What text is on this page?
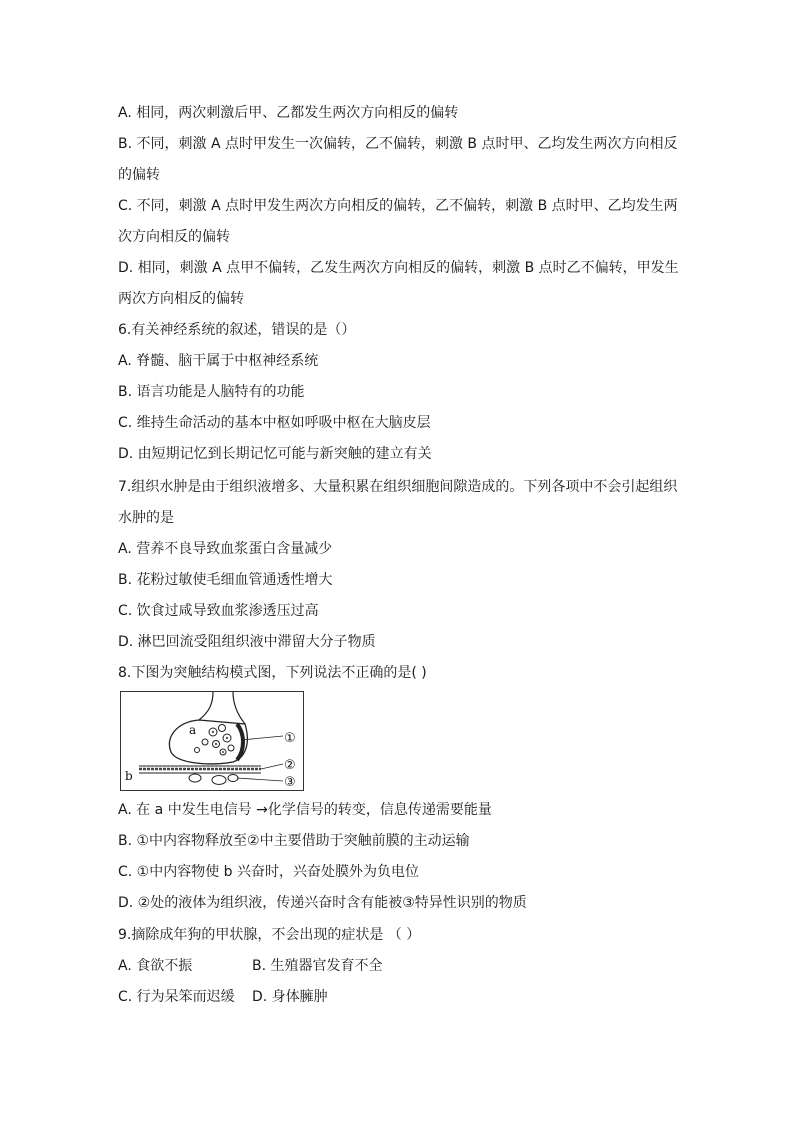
A. 相同，两次刺激后甲、乙都发生两次方向相反的偏转
B. 不同，刺激 A 点时甲发生一次偏转，乙不偏转，刺激 B 点时甲、乙均发生两次方向相反
的偏转
C. 不同，刺激 A 点时甲发生两次方向相反的偏转，乙不偏转，刺激 B 点时甲、乙均发生两
次方向相反的偏转
D. 相同，刺激 A 点甲不偏转，乙发生两次方向相反的偏转，刺激 B 点时乙不偏转，甲发生
两次方向相反的偏转
6.有关神经系统的叙述，错误的是（）
A. 脊髓、脑干属于中枢神经系统
B. 语言功能是人脑特有的功能
C. 维持生命活动的基本中枢如呼吸中枢在大脑皮层
D. 由短期记忆到长期记忆可能与新突触的建立有关
7.组织水肿是由于组织液增多、大量积累在组织细胞间隙造成的。下列各项中不会引起组织
水肿的是
A. 营养不良导致血浆蛋白含量减少
B. 花粉过敏使毛细血管通透性增大
C. 饮食过咸导致血浆渗透压过高
D. 淋巴回流受阻组织液中滞留大分子物质
8.下图为突触结构模式图，下列说法不正确的是( )
a
b
①
②
③
A. 在 a 中发生电信号 →化学信号的转变，信息传递需要能量
B. ①中内容物释放至②中主要借助于突触前膜的主动运输
C. ①中内容物使 b 兴奋时，兴奋处膜外为负电位
D. ②处的液体为组织液，传递兴奋时含有能被③特异性识别的物质
9.摘除成年狗的甲状腺，不会出现的症状是 （ ）
A. 食欲不振	B. 生殖器官发育不全
C. 行为呆笨而迟缓 D. 身体臃肿
